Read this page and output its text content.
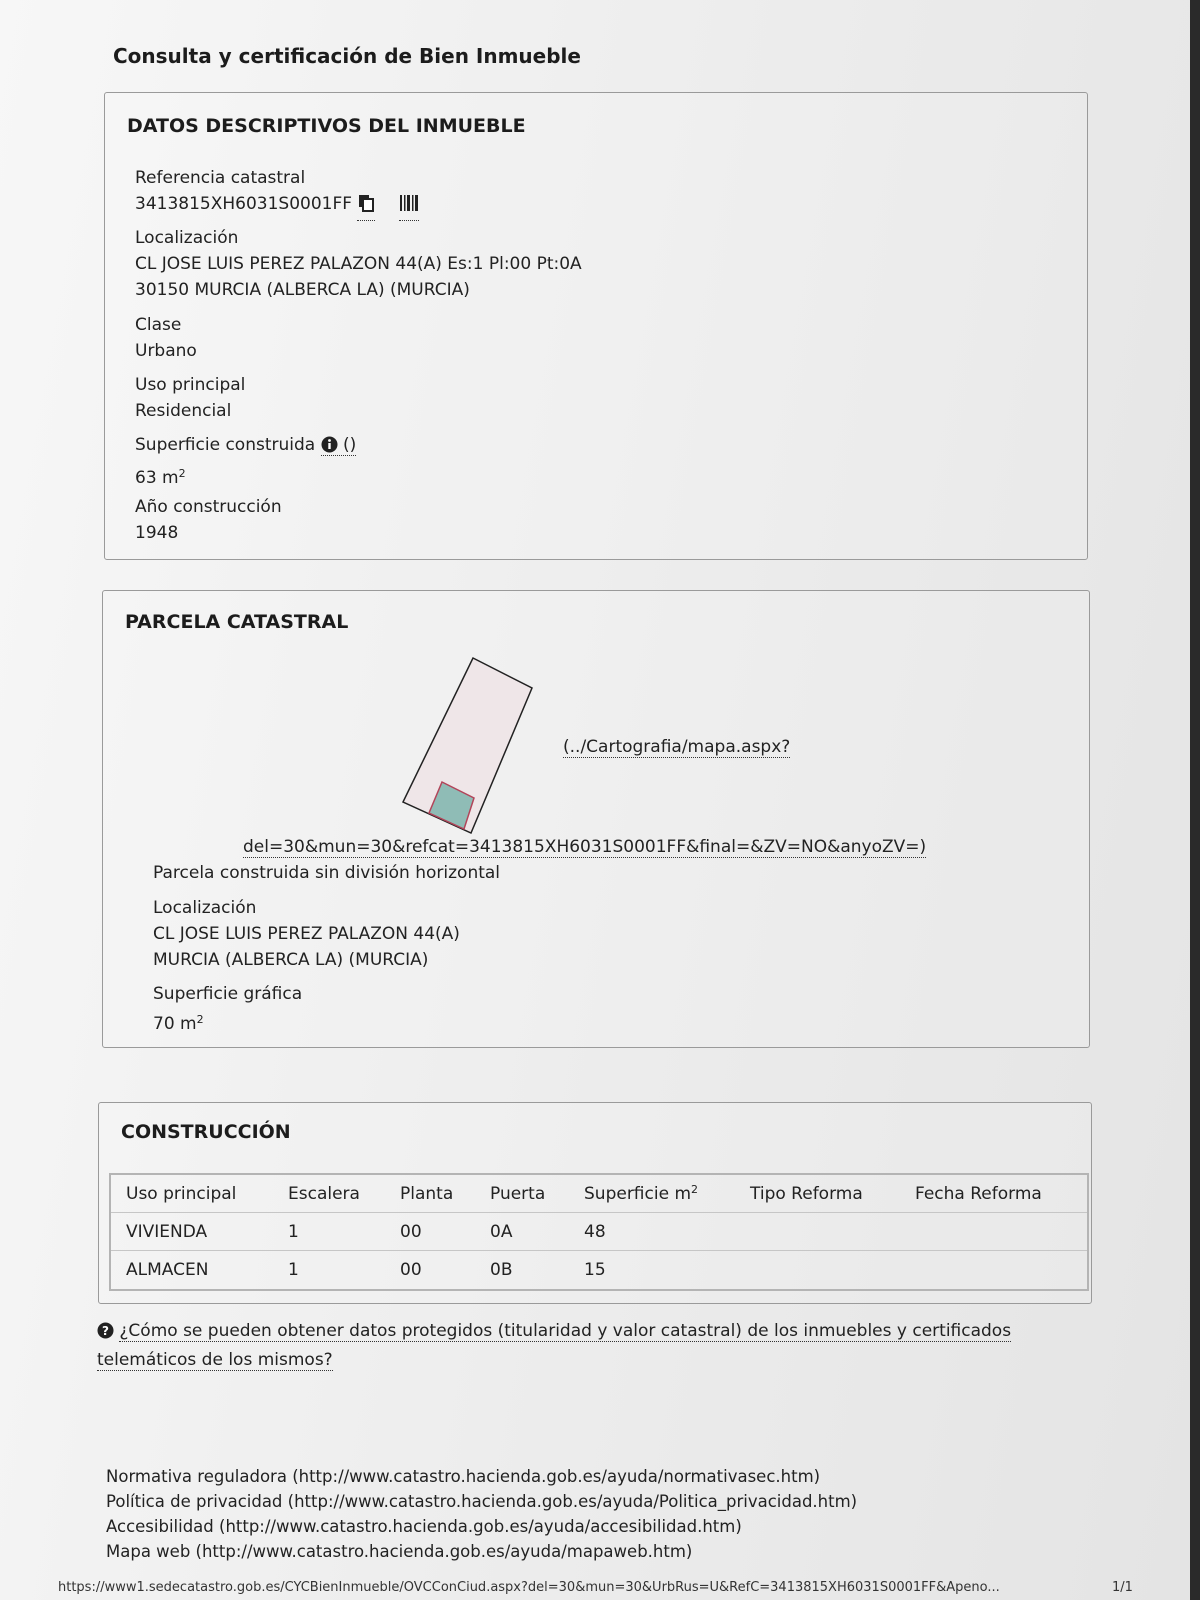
Consulta y certificación de Bien Inmueble
DATOS DESCRIPTIVOS DEL INMUEBLE
Referencia catastral
3413815XH6031S0001FF
Localización
CL JOSE LUIS PEREZ PALAZON 44(A) Es:1 Pl:00 Pt:0A
30150 MURCIA (ALBERCA LA) (MURCIA)
Clase
Urbano
Uso principal
Residencial
Superficie construida ()
63 $m^2$
Año construcción
1948
PARCELA CATASTRAL
(../Cartografia/mapa.aspx?
del=30&mun=30&refcat=3413815XH6031S0001FF&final=&ZV=NO&anyoZV=)
Parcela construida sin división horizontal
Localización
CL JOSE LUIS PEREZ PALAZON 44(A)
MURCIA (ALBERCA LA) (MURCIA)
Superficie gráfica
70 $m^2$
CONSTRUCCIÓN
Uso principal	Escalera	Planta	Puerta	Superficie $m^2$	Tipo Reforma	Fecha Reforma
VIVIENDA	1	00	0A	48
ALMACEN	1	00	0B	15
? ¿Cómo se pueden obtener datos protegidos (titularidad y valor catastral) de los inmuebles y certificados telemáticos de los mismos?
Normativa reguladora (http://www.catastro.hacienda.gob.es/ayuda/normativasec.htm)
Política de privacidad (http://www.catastro.hacienda.gob.es/ayuda/Politica_privacidad.htm)
Accesibilidad (http://www.catastro.hacienda.gob.es/ayuda/accesibilidad.htm)
Mapa web (http://www.catastro.hacienda.gob.es/ayuda/mapaweb.htm)
https://www1.sedecatastro.gob.es/CYCBienInmueble/OVCConCiud.aspx?del=30&mun=30&UrbRus=U&RefC=3413815XH6031S0001FF&Apeno...	1/1
